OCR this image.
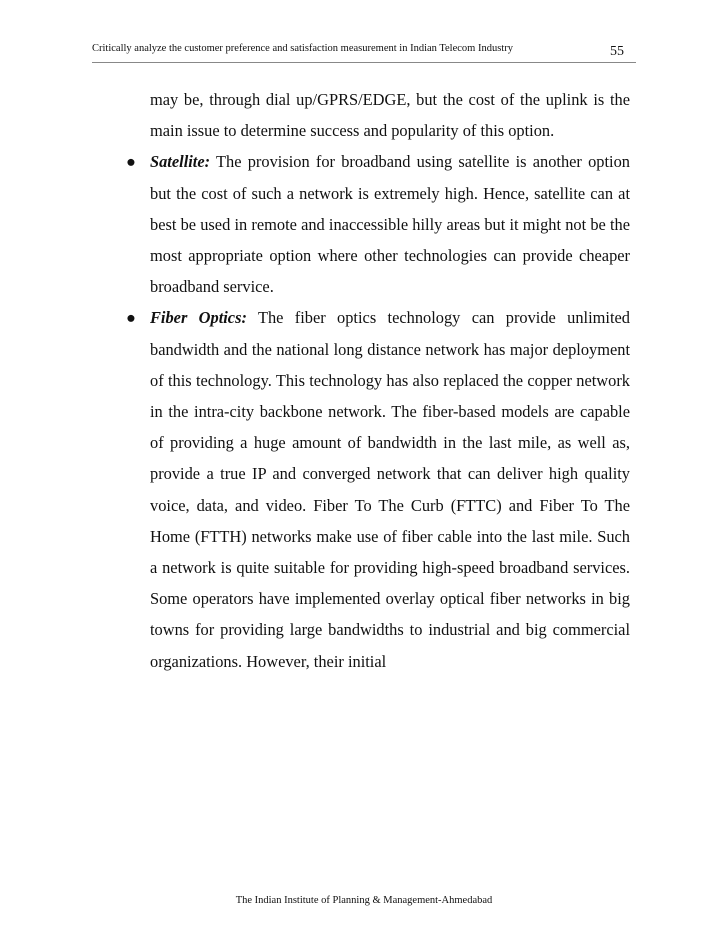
Critically analyze the customer preference and satisfaction measurement in Indian Telecom Industry	55

may be, through dial up/GPRS/EDGE, but the cost of the uplink is the main issue to determine success and popularity of this option.

● Satellite: The provision for broadband using satellite is another option but the cost of such a network is extremely high. Hence, satellite can at best be used in remote and inaccessible hilly areas but it might not be the most appropriate option where other technologies can provide cheaper broadband service.

● Fiber Optics: The fiber optics technology can provide unlimited bandwidth and the national long distance network has major deployment of this technology. This technology has also replaced the copper network in the intra-city backbone network. The fiber-based models are capable of providing a huge amount of bandwidth in the last mile, as well as, provide a true IP and converged network that can deliver high quality voice, data, and video. Fiber To The Curb (FTTC) and Fiber To The Home (FTTH) networks make use of fiber cable into the last mile. Such a network is quite suitable for providing high-speed broadband services. Some operators have implemented overlay optical fiber networks in big towns for providing large bandwidths to industrial and big commercial organizations. However, their initial

The Indian Institute of Planning & Management-Ahmedabad
